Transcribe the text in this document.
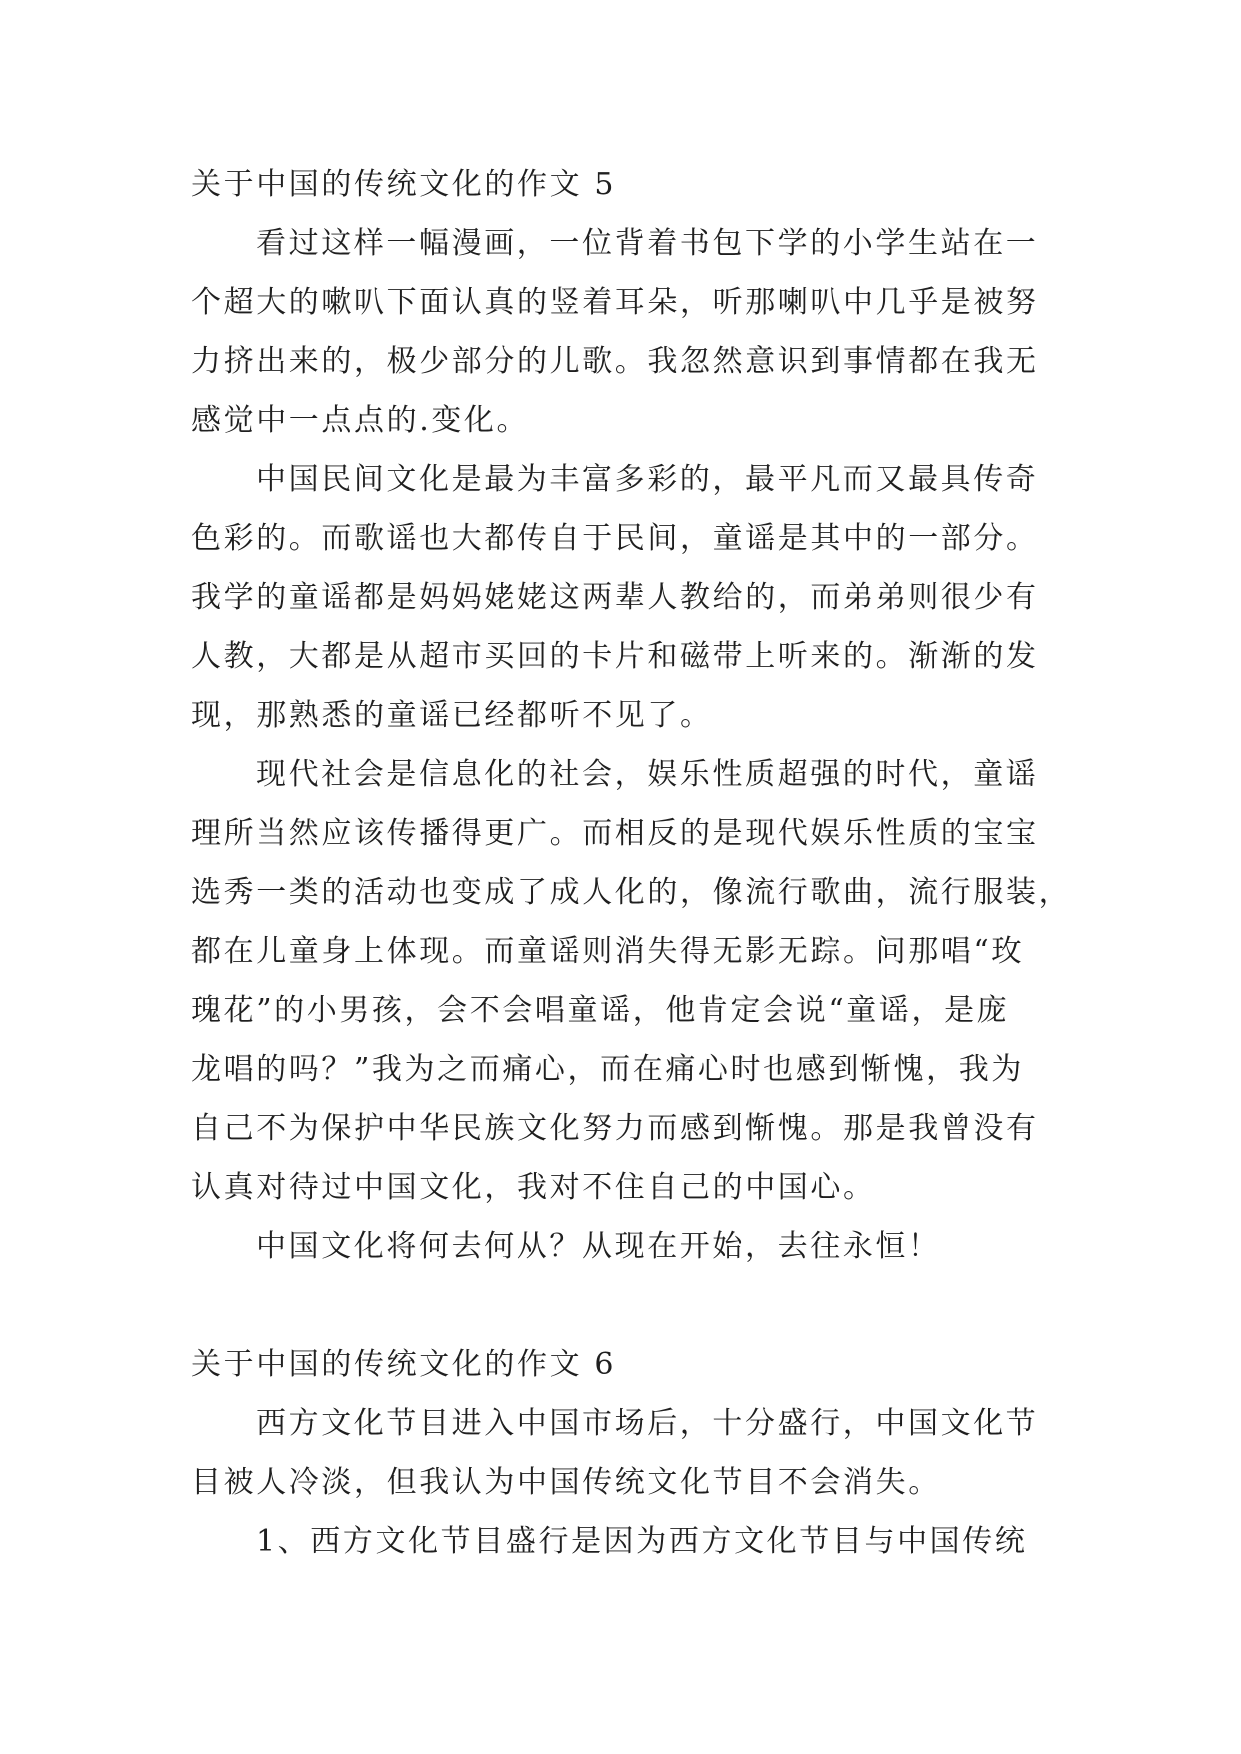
关于中国的传统文化的作文 5
看过这样一幅漫画，一位背着书包下学的小学生站在一
个超大的嗽叭下面认真的竖着耳朵，听那喇叭中几乎是被努
力挤出来的，极少部分的儿歌。我忽然意识到事情都在我无
感觉中一点点的.变化。
中国民间文化是最为丰富多彩的，最平凡而又最具传奇
色彩的。而歌谣也大都传自于民间，童谣是其中的一部分。
我学的童谣都是妈妈姥姥这两辈人教给的，而弟弟则很少有
人教，大都是从超市买回的卡片和磁带上听来的。渐渐的发
现，那熟悉的童谣已经都听不见了。
现代社会是信息化的社会，娱乐性质超强的时代，童谣
理所当然应该传播得更广。而相反的是现代娱乐性质的宝宝
选秀一类的活动也变成了成人化的，像流行歌曲，流行服装，
都在儿童身上体现。而童谣则消失得无影无踪。问那唱“玫
瑰花”的小男孩，会不会唱童谣，他肯定会说“童谣，是庞
龙唱的吗？”我为之而痛心，而在痛心时也感到惭愧，我为
自己不为保护中华民族文化努力而感到惭愧。那是我曾没有
认真对待过中国文化，我对不住自己的中国心。
中国文化将何去何从？从现在开始，去往永恒！
关于中国的传统文化的作文 6
西方文化节目进入中国市场后，十分盛行，中国文化节
目被人冷淡，但我认为中国传统文化节目不会消失。
1、西方文化节目盛行是因为西方文化节目与中国传统
